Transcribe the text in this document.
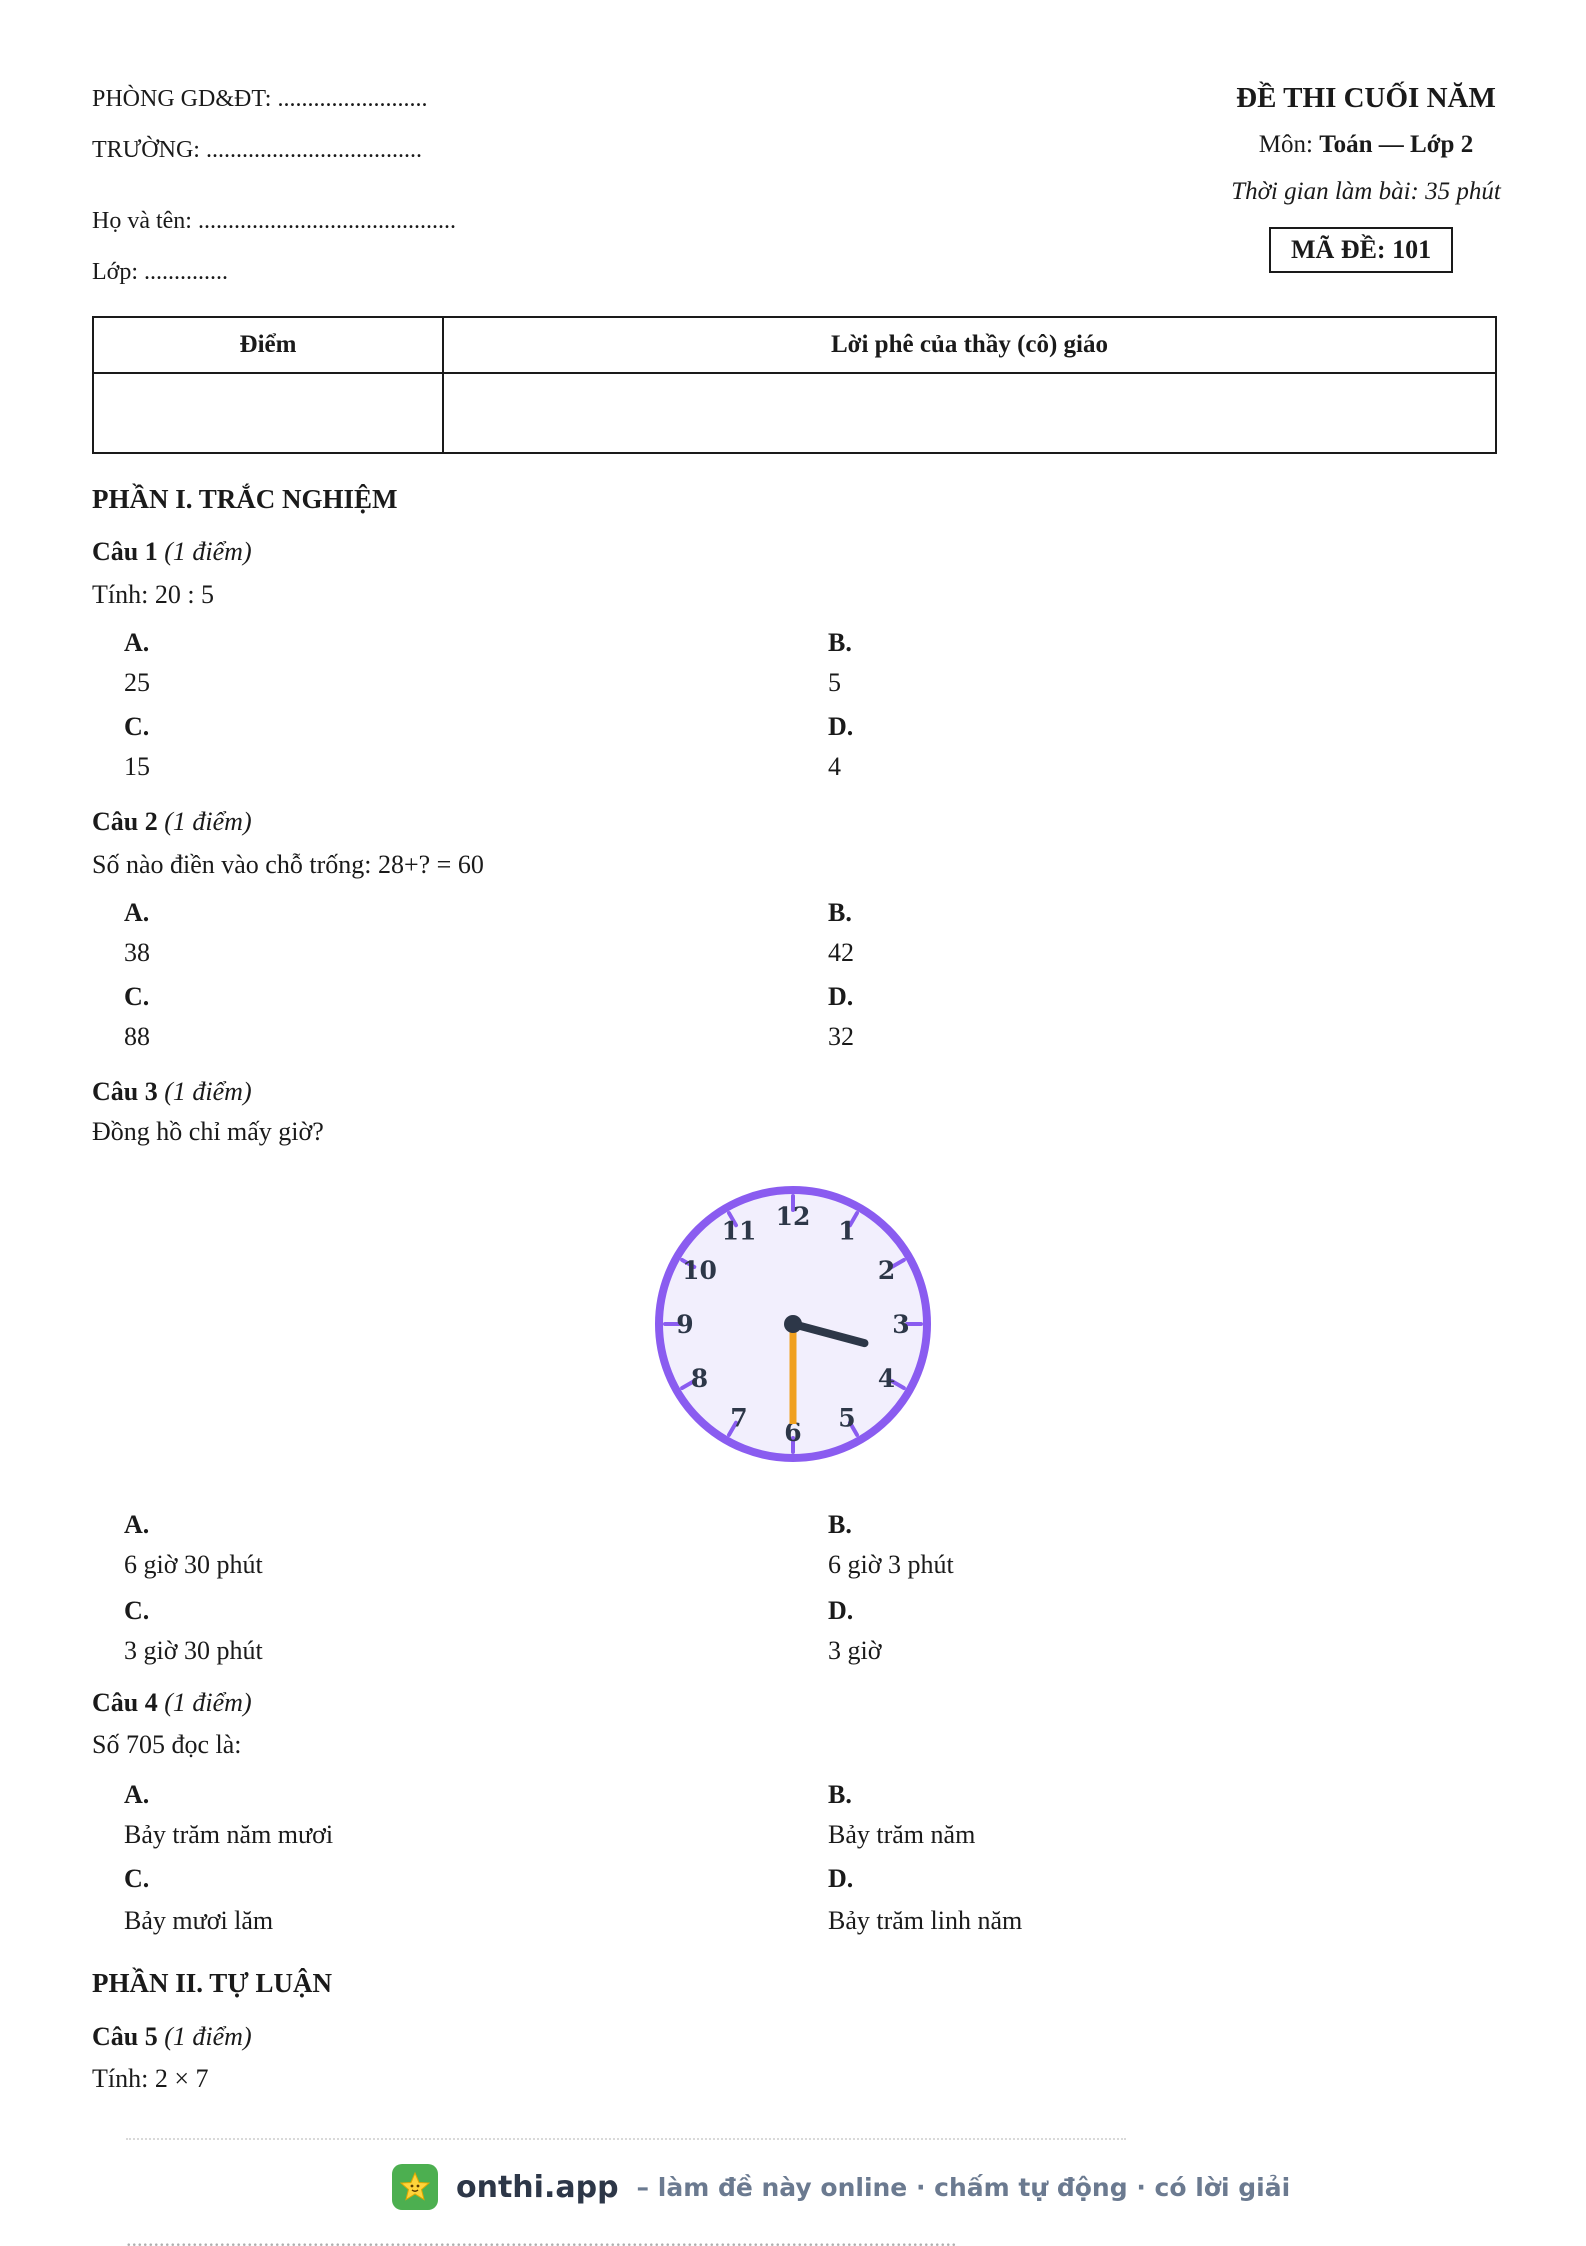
PHÒNG GD&ĐT: .........................
TRƯỜNG: ....................................
Họ và tên: ...........................................
Lớp: ..............
ĐỀ THI CUỐI NĂM
Môn: Toán — Lớp 2
Thời gian làm bài: 35 phút
MÃ ĐỀ: 101
Điểm	Lời phê của thầy (cô) giáo

PHẦN I. TRẮC NGHIỆM
Câu 1 (1 điểm)
Tính: 20 : 5
A.
25
B.
5
C.
15
D.
4
Câu 2 (1 điểm)
Số nào điền vào chỗ trống: 28+? = 60
A.
38
B.
42
C.
88
D.
32
Câu 3 (1 điểm)
Đồng hồ chỉ mấy giờ?
12 1
2
3
4
5
6
7
8
9
10
11
A.
6 giờ 30 phút
B.
6 giờ 3 phút
C.
3 giờ 30 phút
D.
3 giờ
Câu 4 (1 điểm)
Số 705 đọc là:
A.
Bảy trăm năm mươi
B.
Bảy trăm năm
C.
Bảy mươi lăm
D.
Bảy trăm linh năm
PHẦN II. TỰ LUẬN
Câu 5 (1 điểm)
Tính: 2 × 7
onthi.app – làm đề này online · chấm tự động · có lời giải
.......................................................................................................................................................
